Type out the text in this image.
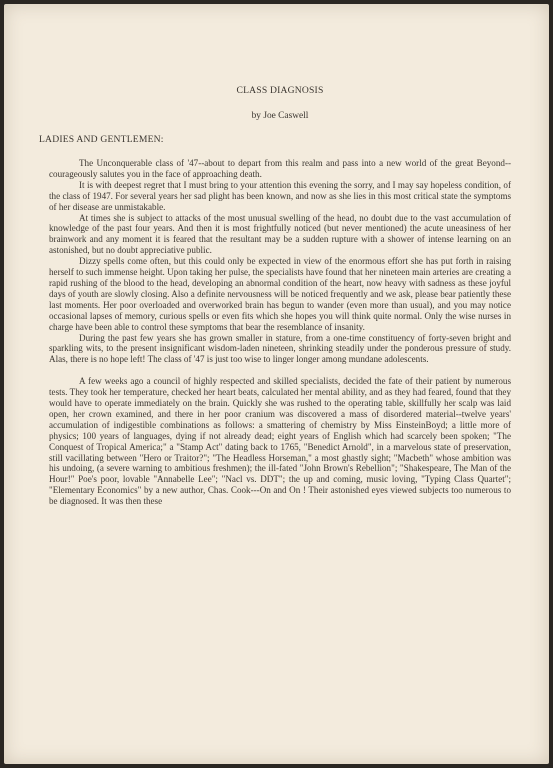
CLASS DIAGNOSIS
by Joe Caswell
LADIES AND GENTLEMEN:

The Unconquerable class of '47--about to depart from this realm and pass into a new world of the great Beyond--courageously salutes you in the face of approaching death.

It is with deepest regret that I must bring to your attention this evening the sorry, and I may say hopeless condition, of the class of 1947. For several years her sad plight has been known, and now as she lies in this most critical state the symptoms of her disease are unmistakable.

At times she is subject to attacks of the most unusual swelling of the head, no doubt due to the vast accumulation of knowledge of the past four years. And then it is most frightfully noticed (but never mentioned) the acute uneasiness of her brainwork and any moment it is feared that the resultant may be a sudden rupture with a shower of intense learning on an astonished, but no doubt appreciative public.

Dizzy spells come often, but this could only be expected in view of the enormous effort she has put forth in raising herself to such immense height. Upon taking her pulse, the specialists have found that her nineteen main arteries are creating a rapid rushing of the blood to the head, developing an abnormal condition of the heart, now heavy with sadness as these joyful days of youth are slowly closing. Also a definite nervousness will be noticed frequently and we ask, please bear patiently these last moments. Her poor overloaded and overworked brain has begun to wander (even more than usual), and you may notice occasional lapses of memory, curious spells or even fits which she hopes you will think quite normal. Only the wise nurses in charge have been able to control these symptoms that bear the resemblance of insanity.

During the past few years she has grown smaller in stature, from a one-time constituency of forty-seven bright and sparkling wits, to the present insignificant wisdom-laden nineteen, shrinking steadily under the ponderous pressure of study. Alas, there is no hope left! The class of '47 is just too wise to linger longer among mundane adolescents.

A few weeks ago a council of highly respected and skilled specialists, decided the fate of their patient by numerous tests. They took her temperature, checked her heart beats, calculated her mental ability, and as they had feared, found that they would have to operate immediately on the brain. Quickly she was rushed to the operating table, skillfully her scalp was laid open, her crown examined, and there in her poor cranium was discovered a mass of disordered material--twelve years' accumulation of indigestible combinations as follows: a smattering of chemistry by Miss EinsteinBoyd; a little more of physics; 100 years of languages, dying if not already dead; eight years of English which had scarcely been spoken; "The Conquest of Tropical America;" a "Stamp Act" dating back to 1765, "Benedict Arnold", in a marvelous state of preservation, still vacillating between "Hero or Traitor?"; "The Headless Horseman," a most ghastly sight; "Macbeth" whose ambition was his undoing, (a severe warning to ambitious freshmen); the ill-fated "John Brown's Rebellion"; "Shakespeare, The Man of the Hour!" Poe's poor, lovable "Annabelle Lee"; "Nacl vs. DDT"; the up and coming, music loving, "Typing Class Quartet"; "Elementary Economics" by a new author, Chas. Cook---On and On ! Their astonished eyes viewed subjects too numerous to be diagnosed. It was then these
